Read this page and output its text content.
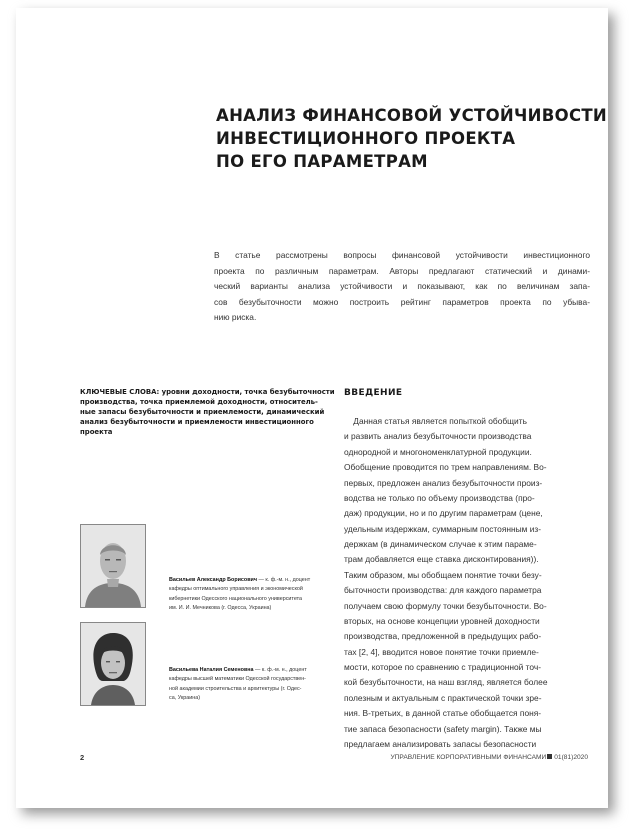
АНАЛИЗ ФИНАНСОВОЙ УСТОЙЧИВОСТИ
ИНВЕСТИЦИОННОГО ПРОЕКТА
ПО ЕГО ПАРАМЕТРАМ
В статье рассмотрены вопросы финансовой устойчивости инвестиционного
проекта по различным параметрам. Авторы предлагают статический и динами-
ческий варианты анализа устойчивости и показывают, как по величинам запа-
сов безубыточности можно построить рейтинг параметров проекта по убыва-
нию риска.
КЛЮЧЕВЫЕ СЛОВА: уровни доходности, точка безубыточности
производства, точка приемлемой доходности, относитель-
ные запасы безубыточности и приемлемости, динамический
анализ безубыточности и приемлемости инвестиционного
проекта
Васильев Александр Борисович — к. ф.-м. н., доцент
кафедры оптимального управления и экономической
кибернетики Одесского национального университета
им. И. И. Мечникова (г. Одесса, Украина)
Васильева Наталия Семеновна — к. ф.-м. н., доцент
кафедры высшей математики Одесской государствен-
ной академии строительства и архитектуры (г. Одес-
са, Украина)
ВВЕДЕНИЕ
Данная статья является попыткой обобщить
и развить анализ безубыточности производства
однородной и многономенклатурной продукции.
Обобщение проводится по трем направлениям. Во-
первых, предложен анализ безубыточности произ-
водства не только по объему производства (про-
даж) продукции, но и по другим параметрам (цене,
удельным издержкам, суммарным постоянным из-
держкам (в динамическом случае к этим параме-
трам добавляется еще ставка дисконтирования)).
Таким образом, мы обобщаем понятие точки безу-
быточности производства: для каждого параметра
получаем свою формулу точки безубыточности. Во-
вторых, на основе концепции уровней доходности
производства, предложенной в предыдущих рабо-
тах [2, 4], вводится новое понятие точки приемле-
мости, которое по сравнению с традиционной точ-
кой безубыточности, на наш взгляд, является более
полезным и актуальным с практической точки зре-
ния. В-третьих, в данной статье обобщается поня-
тие запаса безопасности (safety margin). Также мы
предлагаем анализировать запасы безопасности
2	УПРАВЛЕНИЕ КОРПОРАТИВНЫМИ ФИНАНСАМИ 01(81)2020
